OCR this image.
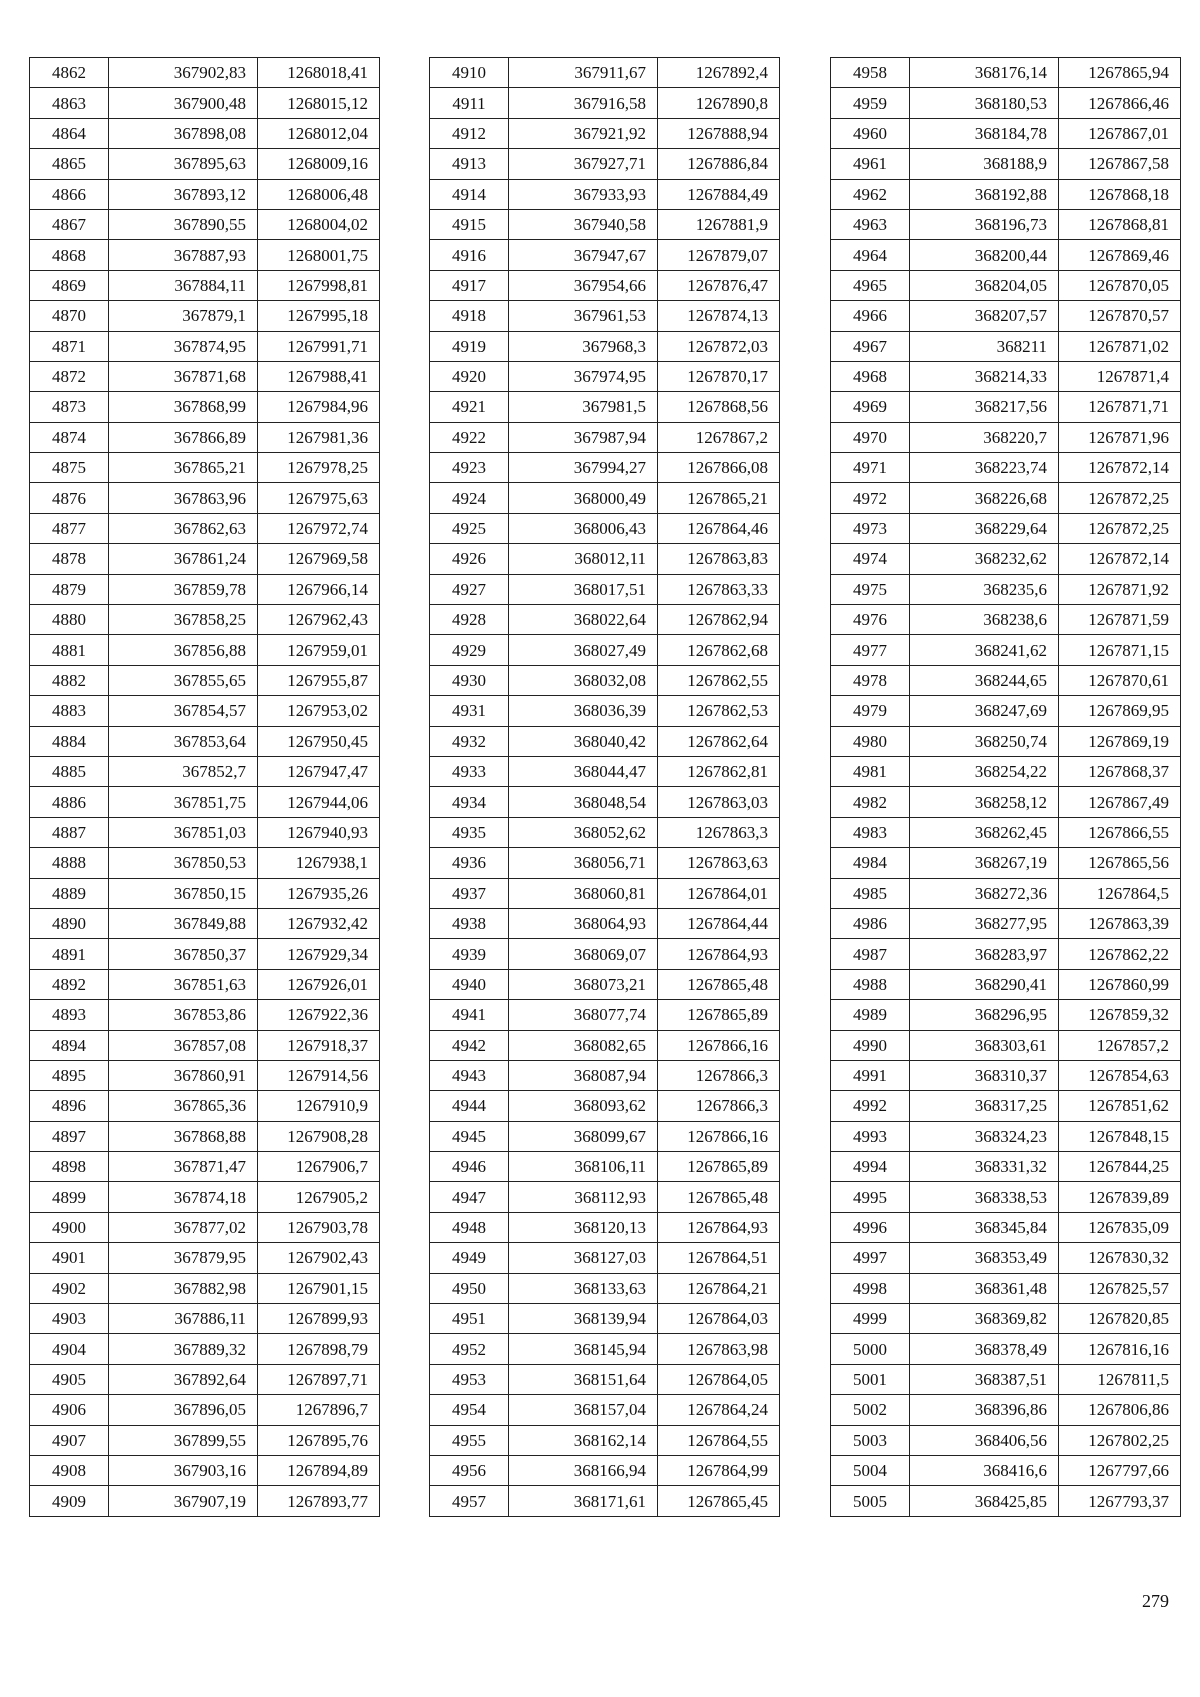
4862	367902,83	1268018,41
4863	367900,48	1268015,12
4864	367898,08	1268012,04
4865	367895,63	1268009,16
4866	367893,12	1268006,48
4867	367890,55	1268004,02
4868	367887,93	1268001,75
4869	367884,11	1267998,81
4870	367879,1	1267995,18
4871	367874,95	1267991,71
4872	367871,68	1267988,41
4873	367868,99	1267984,96
4874	367866,89	1267981,36
4875	367865,21	1267978,25
4876	367863,96	1267975,63
4877	367862,63	1267972,74
4878	367861,24	1267969,58
4879	367859,78	1267966,14
4880	367858,25	1267962,43
4881	367856,88	1267959,01
4882	367855,65	1267955,87
4883	367854,57	1267953,02
4884	367853,64	1267950,45
4885	367852,7	1267947,47
4886	367851,75	1267944,06
4887	367851,03	1267940,93
4888	367850,53	1267938,1
4889	367850,15	1267935,26
4890	367849,88	1267932,42
4891	367850,37	1267929,34
4892	367851,63	1267926,01
4893	367853,86	1267922,36
4894	367857,08	1267918,37
4895	367860,91	1267914,56
4896	367865,36	1267910,9
4897	367868,88	1267908,28
4898	367871,47	1267906,7
4899	367874,18	1267905,2
4900	367877,02	1267903,78
4901	367879,95	1267902,43
4902	367882,98	1267901,15
4903	367886,11	1267899,93
4904	367889,32	1267898,79
4905	367892,64	1267897,71
4906	367896,05	1267896,7
4907	367899,55	1267895,76
4908	367903,16	1267894,89
4909	367907,19	1267893,77
4910	367911,67	1267892,4
4911	367916,58	1267890,8
4912	367921,92	1267888,94
4913	367927,71	1267886,84
4914	367933,93	1267884,49
4915	367940,58	1267881,9
4916	367947,67	1267879,07
4917	367954,66	1267876,47
4918	367961,53	1267874,13
4919	367968,3	1267872,03
4920	367974,95	1267870,17
4921	367981,5	1267868,56
4922	367987,94	1267867,2
4923	367994,27	1267866,08
4924	368000,49	1267865,21
4925	368006,43	1267864,46
4926	368012,11	1267863,83
4927	368017,51	1267863,33
4928	368022,64	1267862,94
4929	368027,49	1267862,68
4930	368032,08	1267862,55
4931	368036,39	1267862,53
4932	368040,42	1267862,64
4933	368044,47	1267862,81
4934	368048,54	1267863,03
4935	368052,62	1267863,3
4936	368056,71	1267863,63
4937	368060,81	1267864,01
4938	368064,93	1267864,44
4939	368069,07	1267864,93
4940	368073,21	1267865,48
4941	368077,74	1267865,89
4942	368082,65	1267866,16
4943	368087,94	1267866,3
4944	368093,62	1267866,3
4945	368099,67	1267866,16
4946	368106,11	1267865,89
4947	368112,93	1267865,48
4948	368120,13	1267864,93
4949	368127,03	1267864,51
4950	368133,63	1267864,21
4951	368139,94	1267864,03
4952	368145,94	1267863,98
4953	368151,64	1267864,05
4954	368157,04	1267864,24
4955	368162,14	1267864,55
4956	368166,94	1267864,99
4957	368171,61	1267865,45
4958	368176,14	1267865,94
4959	368180,53	1267866,46
4960	368184,78	1267867,01
4961	368188,9	1267867,58
4962	368192,88	1267868,18
4963	368196,73	1267868,81
4964	368200,44	1267869,46
4965	368204,05	1267870,05
4966	368207,57	1267870,57
4967	368211	1267871,02
4968	368214,33	1267871,4
4969	368217,56	1267871,71
4970	368220,7	1267871,96
4971	368223,74	1267872,14
4972	368226,68	1267872,25
4973	368229,64	1267872,25
4974	368232,62	1267872,14
4975	368235,6	1267871,92
4976	368238,6	1267871,59
4977	368241,62	1267871,15
4978	368244,65	1267870,61
4979	368247,69	1267869,95
4980	368250,74	1267869,19
4981	368254,22	1267868,37
4982	368258,12	1267867,49
4983	368262,45	1267866,55
4984	368267,19	1267865,56
4985	368272,36	1267864,5
4986	368277,95	1267863,39
4987	368283,97	1267862,22
4988	368290,41	1267860,99
4989	368296,95	1267859,32
4990	368303,61	1267857,2
4991	368310,37	1267854,63
4992	368317,25	1267851,62
4993	368324,23	1267848,15
4994	368331,32	1267844,25
4995	368338,53	1267839,89
4996	368345,84	1267835,09
4997	368353,49	1267830,32
4998	368361,48	1267825,57
4999	368369,82	1267820,85
5000	368378,49	1267816,16
5001	368387,51	1267811,5
5002	368396,86	1267806,86
5003	368406,56	1267802,25
5004	368416,6	1267797,66
5005	368425,85	1267793,37
279
